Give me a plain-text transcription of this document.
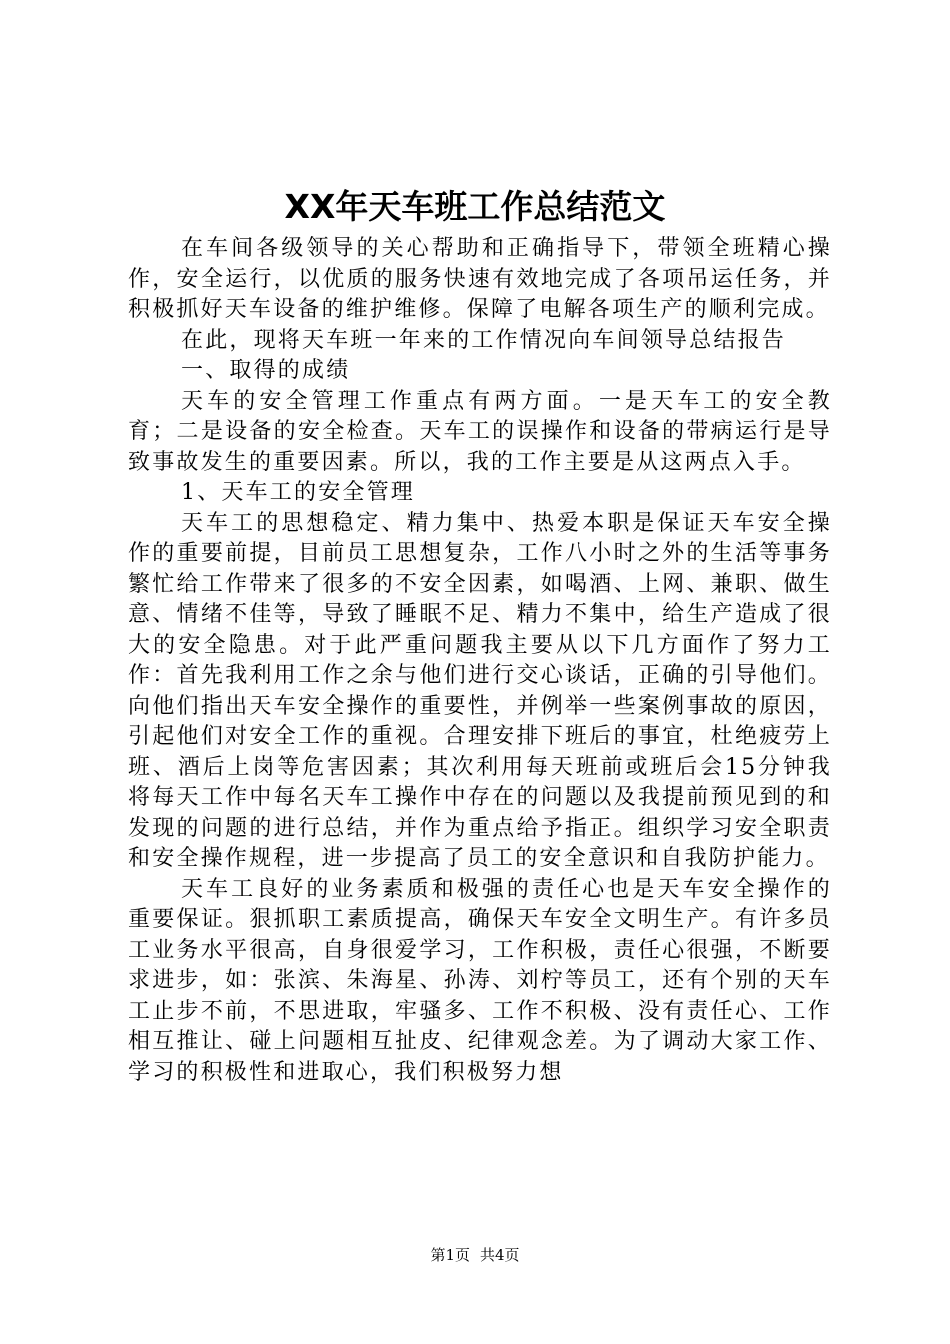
XX年天车班工作总结范文

在车间各级领导的关心帮助和正确指导下，带领全班精心操作，安全运行，以优质的服务快速有效地完成了各项吊运任务，并积极抓好天车设备的维护维修。保障了电解各项生产的顺利完成。

在此，现将天车班一年来的工作情况向车间领导总结报告

一、取得的成绩

天车的安全管理工作重点有两方面。一是天车工的安全教育；二是设备的安全检查。天车工的误操作和设备的带病运行是导致事故发生的重要因素。所以，我的工作主要是从这两点入手。

1、天车工的安全管理

天车工的思想稳定、精力集中、热爱本职是保证天车安全操作的重要前提，目前员工思想复杂，工作八小时之外的生活等事务繁忙给工作带来了很多的不安全因素，如喝酒、上网、兼职、做生意、情绪不佳等，导致了睡眠不足、精力不集中，给生产造成了很大的安全隐患。对于此严重问题我主要从以下几方面作了努力工作：首先我利用工作之余与他们进行交心谈话，正确的引导他们。向他们指出天车安全操作的重要性，并例举一些案例事故的原因，引起他们对安全工作的重视。合理安排下班后的事宜，杜绝疲劳上班、酒后上岗等危害因素；其次利用每天班前或班后会15分钟我将每天工作中每名天车工操作中存在的问题以及我提前预见到的和发现的问题的进行总结，并作为重点给予指正。组织学习安全职责和安全操作规程，进一步提高了员工的安全意识和自我防护能力。

天车工良好的业务素质和极强的责任心也是天车安全操作的重要保证。狠抓职工素质提高，确保天车安全文明生产。有许多员工业务水平很高，自身很爱学习，工作积极，责任心很强，不断要求进步，如：张滨、朱海星、孙涛、刘柠等员工，还有个别的天车工止步不前，不思进取，牢骚多、工作不积极、没有责任心、工作相互推让、碰上问题相互扯皮、纪律观念差。为了调动大家工作、学习的积极性和进取心，我们积极努力想

第1页 共4页
